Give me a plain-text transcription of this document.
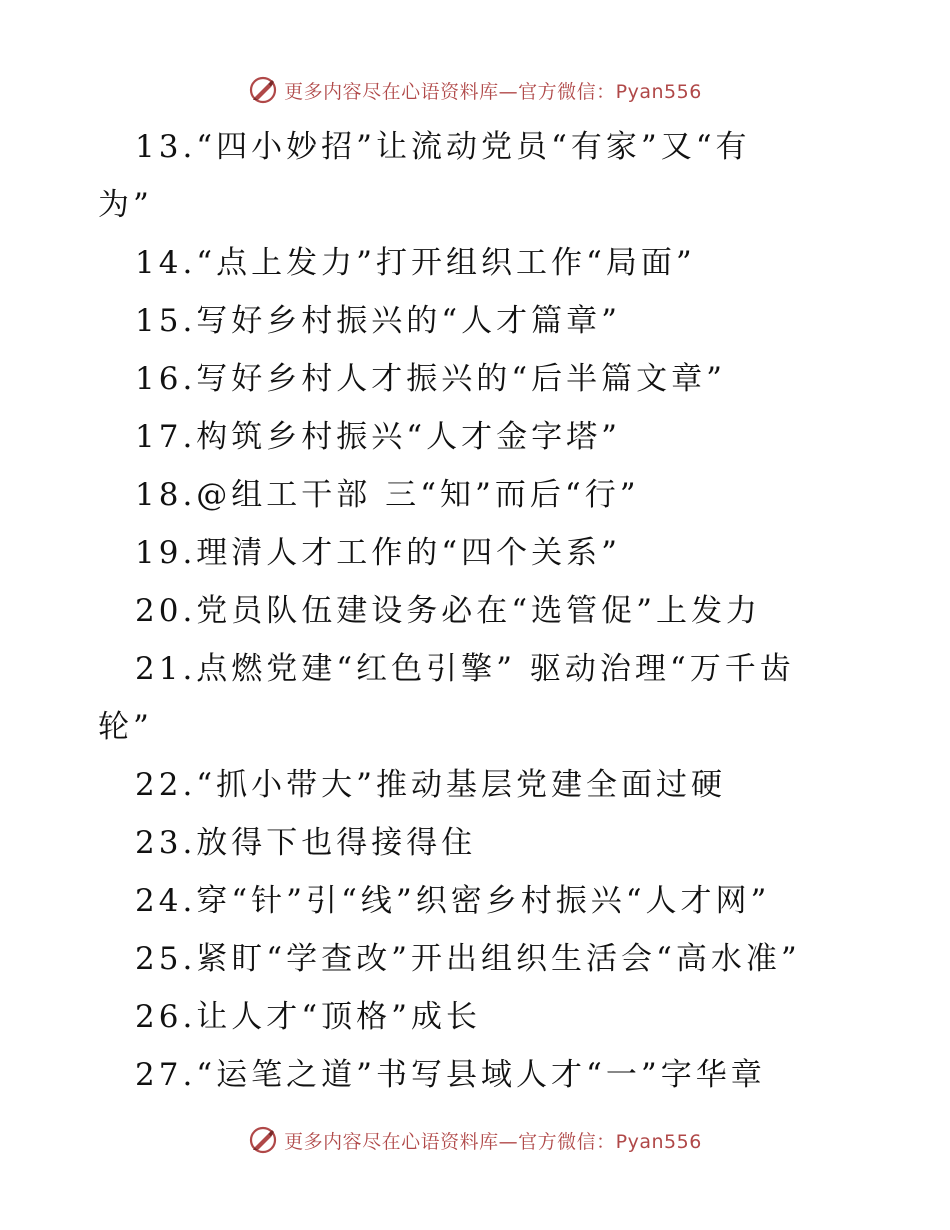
更多内容尽在心语资料库—官方微信：Pyan556
13.“四小妙招”让流动党员“有家”又“有
为”
14.“点上发力”打开组织工作“局面”
15.写好乡村振兴的“人才篇章”
16.写好乡村人才振兴的“后半篇文章”
17.构筑乡村振兴“人才金字塔”
18.@组工干部 三“知”而后“行”
19.理清人才工作的“四个关系”
20.党员队伍建设务必在“选管促”上发力
21.点燃党建“红色引擎” 驱动治理“万千齿
轮”
22.“抓小带大”推动基层党建全面过硬
23.放得下也得接得住
24.穿“针”引“线”织密乡村振兴“人才网”
25.紧盯“学查改”开出组织生活会“高水准”
26.让人才“顶格”成长
27.“运笔之道”书写县域人才“一”字华章
更多内容尽在心语资料库—官方微信：Pyan556
